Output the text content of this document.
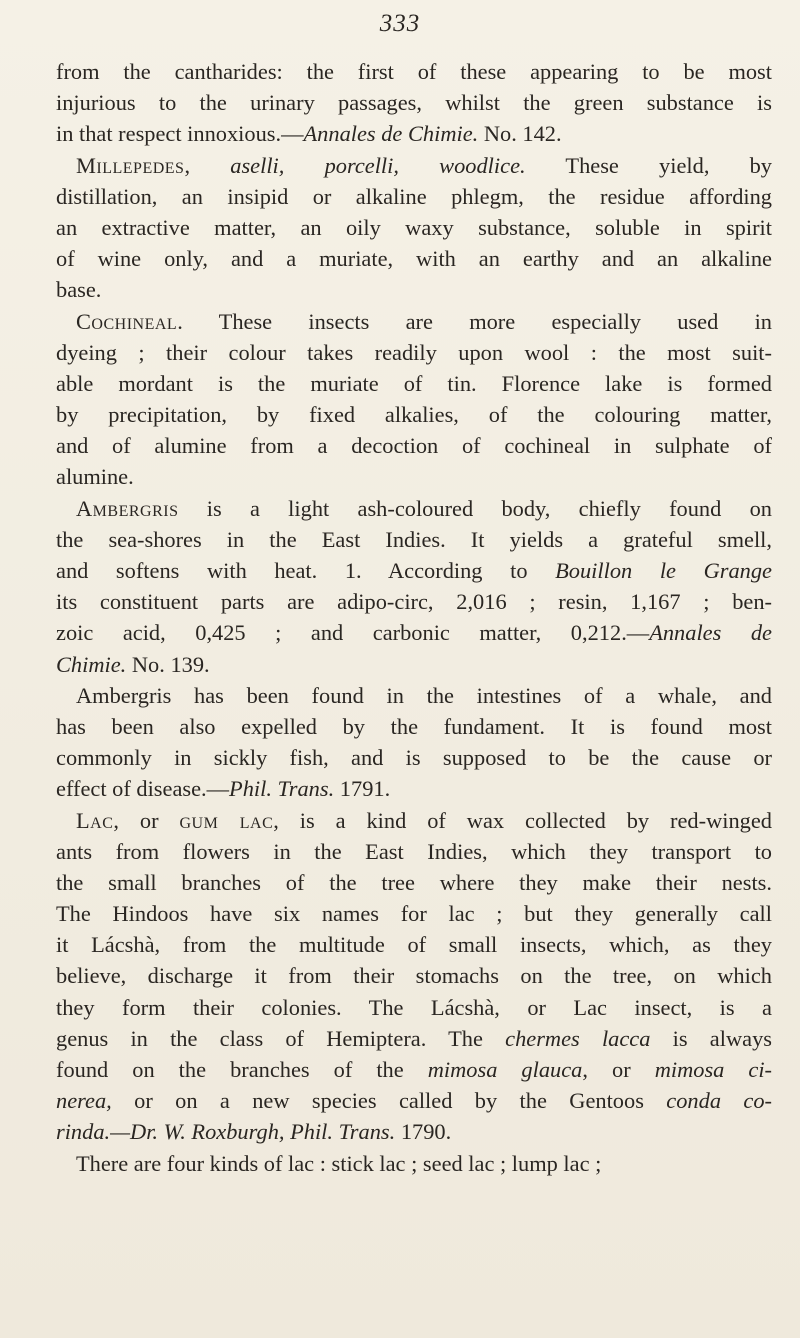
333
from the cantharides: the first of these appearing to be most
injurious to the urinary passages, whilst the green substance is
in that respect innoxious.—Annales de Chimie. No. 142.
Millepedes, aselli, porcelli, woodlice. These yield, by
distillation, an insipid or alkaline phlegm, the residue affording
an extractive matter, an oily waxy substance, soluble in spirit
of wine only, and a muriate, with an earthy and an alkaline
base.
Cochineal. These insects are more especially used in
dyeing ; their colour takes readily upon wool : the most suit-
able mordant is the muriate of tin. Florence lake is formed
by precipitation, by fixed alkalies, of the colouring matter,
and of alumine from a decoction of cochineal in sulphate of
alumine.
Ambergris is a light ash-coloured body, chiefly found on
the sea-shores in the East Indies. It yields a grateful smell,
and softens with heat. 1. According to Bouillon le Grange
its constituent parts are adipo-circ, 2,016 ; resin, 1,167 ; ben-
zoic acid, 0,425 ; and carbonic matter, 0,212.—Annales de
Chimie. No. 139.
Ambergris has been found in the intestines of a whale, and
has been also expelled by the fundament. It is found most
commonly in sickly fish, and is supposed to be the cause or
effect of disease.—Phil. Trans. 1791.
Lac, or gum lac, is a kind of wax collected by red-winged
ants from flowers in the East Indies, which they transport to
the small branches of the tree where they make their nests.
The Hindoos have six names for lac ; but they generally call
it Lácshà, from the multitude of small insects, which, as they
believe, discharge it from their stomachs on the tree, on which
they form their colonies. The Lácshà, or Lac insect, is a
genus in the class of Hemiptera. The chermes lacca is always
found on the branches of the mimosa glauca, or mimosa ci-
nerea, or on a new species called by the Gentoos conda co-
rinda.—Dr. W. Roxburgh, Phil. Trans. 1790.
There are four kinds of lac : stick lac ; seed lac ; lump lac ;
